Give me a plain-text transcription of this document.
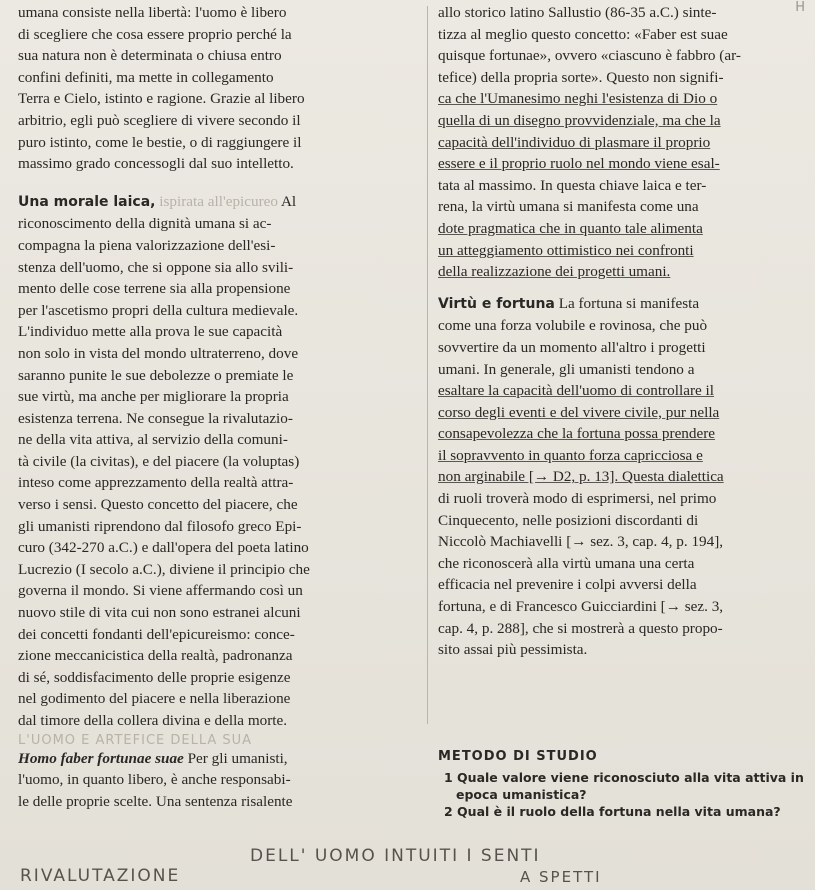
H
umana consiste nella libertà: l'uomo è libero
di scegliere che cosa essere proprio perché la
sua natura non è determinata o chiusa entro
confini definiti, ma mette in collegamento
Terra e Cielo, istinto e ragione. Grazie al libero
arbitrio, egli può scegliere di vivere secondo il
puro istinto, come le bestie, o di raggiungere il
massimo grado concessogli dal suo intelletto.
Una morale laica, ispirata all'epicureo Al
riconoscimento della dignità umana si ac-
compagna la piena valorizzazione dell'esi-
stenza dell'uomo, che si oppone sia allo svili-
mento delle cose terrene sia alla propensione
per l'ascetismo propri della cultura medievale.
L'individuo mette alla prova le sue capacità
non solo in vista del mondo ultraterreno, dove
saranno punite le sue debolezze o premiate le
sue virtù, ma anche per migliorare la propria
esistenza terrena. Ne consegue la rivalutazio-
ne della vita attiva, al servizio della comuni-
tà civile (la civitas), e del piacere (la voluptas)
inteso come apprezzamento della realtà attra-
verso i sensi. Questo concetto del piacere, che
gli umanisti riprendono dal filosofo greco Epi-
curo (342-270 a.C.) e dall'opera del poeta latino
Lucrezio (I secolo a.C.), diviene il principio che
governa il mondo. Si viene affermando così un
nuovo stile di vita cui non sono estranei alcuni
dei concetti fondanti dell'epicureismo: conce-
zione meccanicistica della realtà, padronanza
di sé, soddisfacimento delle proprie esigenze
nel godimento del piacere e nella liberazione
dal timore della collera divina e della morte.
L'UOMO È ARTEFICE DELLA SUA
Homo faber fortunae suae Per gli umanisti,
l'uomo, in quanto libero, è anche responsabi-
le delle proprie scelte. Una sentenza risalente
allo storico latino Sallustio (86-35 a.C.) sinte-
tizza al meglio questo concetto: «Faber est suae
quisque fortunae», ovvero «ciascuno è fabbro (ar-
tefice) della propria sorte». Questo non signifi-
ca che l'Umanesimo neghi l'esistenza di Dio o
quella di un disegno provvidenziale, ma che la
capacità dell'individuo di plasmare il proprio
essere e il proprio ruolo nel mondo viene esal-
tata al massimo. In questa chiave laica e ter-
rena, la virtù umana si manifesta come una
dote pragmatica che in quanto tale alimenta
un atteggiamento ottimistico nei confronti
della realizzazione dei progetti umani.
Virtù e fortuna La fortuna si manifesta
come una forza volubile e rovinosa, che può
sovvertire da un momento all'altro i progetti
umani. In generale, gli umanisti tendono a
esaltare la capacità dell'uomo di controllare il
corso degli eventi e del vivere civile, pur nella
consapevolezza che la fortuna possa prendere
il sopravvento in quanto forza capricciosa e
non arginabile [→ D2, p. 13]. Questa dialettica
di ruoli troverà modo di esprimersi, nel primo
Cinquecento, nelle posizioni discordanti di
Niccolò Machiavelli [→ sez. 3, cap. 4, p. 194],
che riconoscerà alla virtù umana una certa
efficacia nel prevenire i colpi avversi della
fortuna, e di Francesco Guicciardini [→ sez. 3,
cap. 4, p. 288], che si mostrerà a questo propo-
sito assai più pessimista.
METODO DI STUDIO
1 Quale valore viene riconosciuto alla vita attiva in epoca umanistica?
2 Qual è il ruolo della fortuna nella vita umana?
DELL' UOMO INTUITI I SENTI
RIVALUTAZIONE	A SPETTI
